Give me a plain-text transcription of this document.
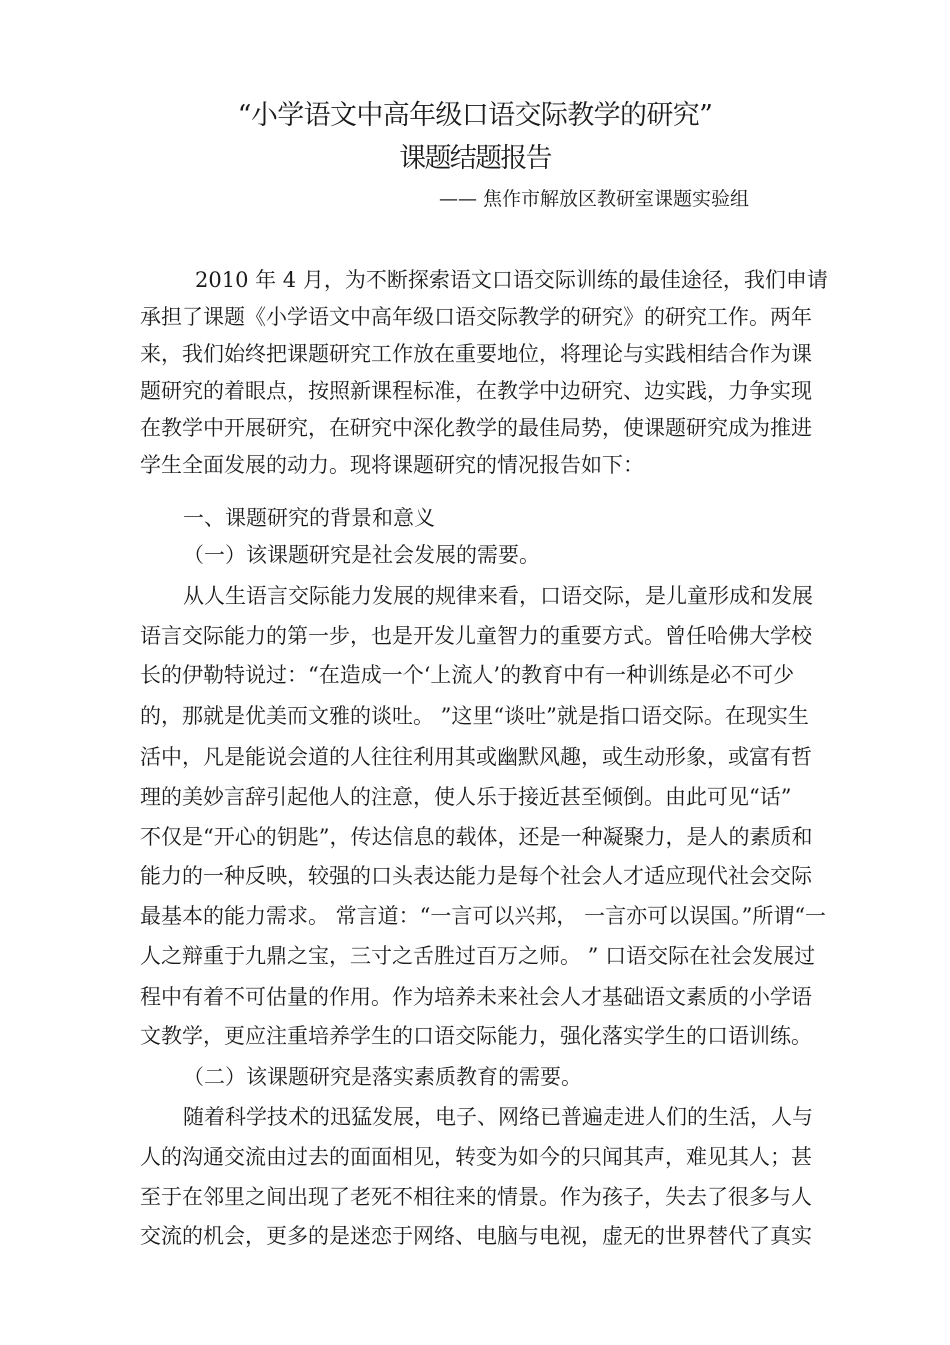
“小学语文中高年级口语交际教学的研究”
课题结题报告
—— 焦作市解放区教研室课题实验组
2010 年 4 月，为不断探索语文口语交际训练的最佳途径，我们申请
承担了课题《小学语文中高年级口语交际教学的研究》的研究工作。两年
来，我们始终把课题研究工作放在重要地位，将理论与实践相结合作为课
题研究的着眼点，按照新课程标准，在教学中边研究、边实践，力争实现
在教学中开展研究，在研究中深化教学的最佳局势，使课题研究成为推进
学生全面发展的动力。现将课题研究的情况报告如下：
一、课题研究的背景和意义
（一）该课题研究是社会发展的需要。
从人生语言交际能力发展的规律来看，口语交际，是儿童形成和发展
语言交际能力的第一步，也是开发儿童智力的重要方式。曾任哈佛大学校
长的伊勒特说过：“在造成一个‘上流人’的教育中有一种训练是必不可少
的，那就是优美而文雅的谈吐。 ”这里“谈吐”就是指口语交际。在现实生
活中，凡是能说会道的人往往利用其或幽默风趣，或生动形象，或富有哲
理的美妙言辞引起他人的注意，使人乐于接近甚至倾倒。由此可见“话”
不仅是“开心的钥匙”，传达信息的载体，还是一种凝聚力，是人的素质和
能力的一种反映，较强的口头表达能力是每个社会人才适应现代社会交际
最基本的能力需求。 常言道：“一言可以兴邦， 一言亦可以误国。”所谓“一
人之辩重于九鼎之宝，三寸之舌胜过百万之师。 ” 口语交际在社会发展过
程中有着不可估量的作用。作为培养未来社会人才基础语文素质的小学语
文教学，更应注重培养学生的口语交际能力，强化落实学生的口语训练。
（二）该课题研究是落实素质教育的需要。
随着科学技术的迅猛发展，电子、网络已普遍走进人们的生活，人与
人的沟通交流由过去的面面相见，转变为如今的只闻其声，难见其人；甚
至于在邻里之间出现了老死不相往来的情景。作为孩子，失去了很多与人
交流的机会，更多的是迷恋于网络、电脑与电视，虚无的世界替代了真实
